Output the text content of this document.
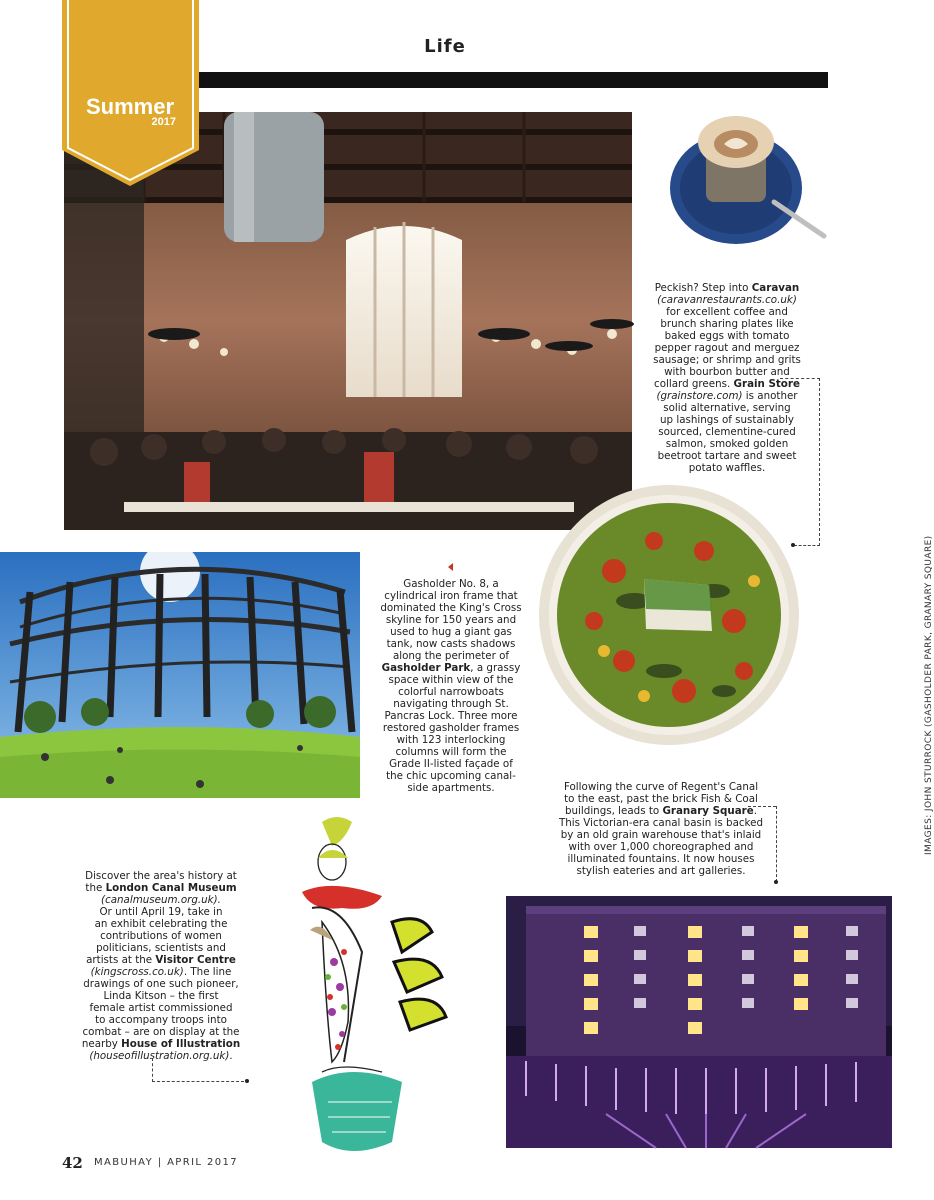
Life
Summer
2017
Peckish? Step into Caravan
(caravanrestaurants.co.uk)
for excellent coffee and
brunch sharing plates like
baked eggs with tomato
pepper ragout and merguez
sausage; or shrimp and grits
with bourbon butter and
collard greens. Grain Store
(grainstore.com) is another
solid alternative, serving
up lashings of sustainably
sourced, clementine-cured
salmon, smoked golden
beetroot tartare and sweet
potato waffles.
Gasholder No. 8, a
cylindrical iron frame that
dominated the King's Cross
skyline for 150 years and
used to hug a giant gas
tank, now casts shadows
along the perimeter of
Gasholder Park, a grassy
space within view of the
colorful narrowboats
navigating through St.
Pancras Lock. Three more
restored gasholder frames
with 123 interlocking
columns will form the
Grade II-listed façade of
the chic upcoming canal-
side apartments.	IMAGES: JOHN STURROCK (GASHOLDER PARK, GRANARY SQUARE)
Following the curve of Regent's Canal
to the east, past the brick Fish & Coal
buildings, leads to Granary Square.
This Victorian-era canal basin is backed
by an old grain warehouse that's inlaid
with over 1,000 choreographed and
illuminated fountains. It now houses
stylish eateries and art galleries.
Discover the area's history at
the London Canal Museum
(canalmuseum.org.uk).
Or until April 19, take in
an exhibit celebrating the
contributions of women
politicians, scientists and
artists at the Visitor Centre
(kingscross.co.uk). The line
drawings of one such pioneer,
Linda Kitson – the first
female artist commissioned
to accompany troops into
combat – are on display at the
nearby House of Illustration
(houseofillustration.org.uk).
42 MABUHAY | APRIL 2017
